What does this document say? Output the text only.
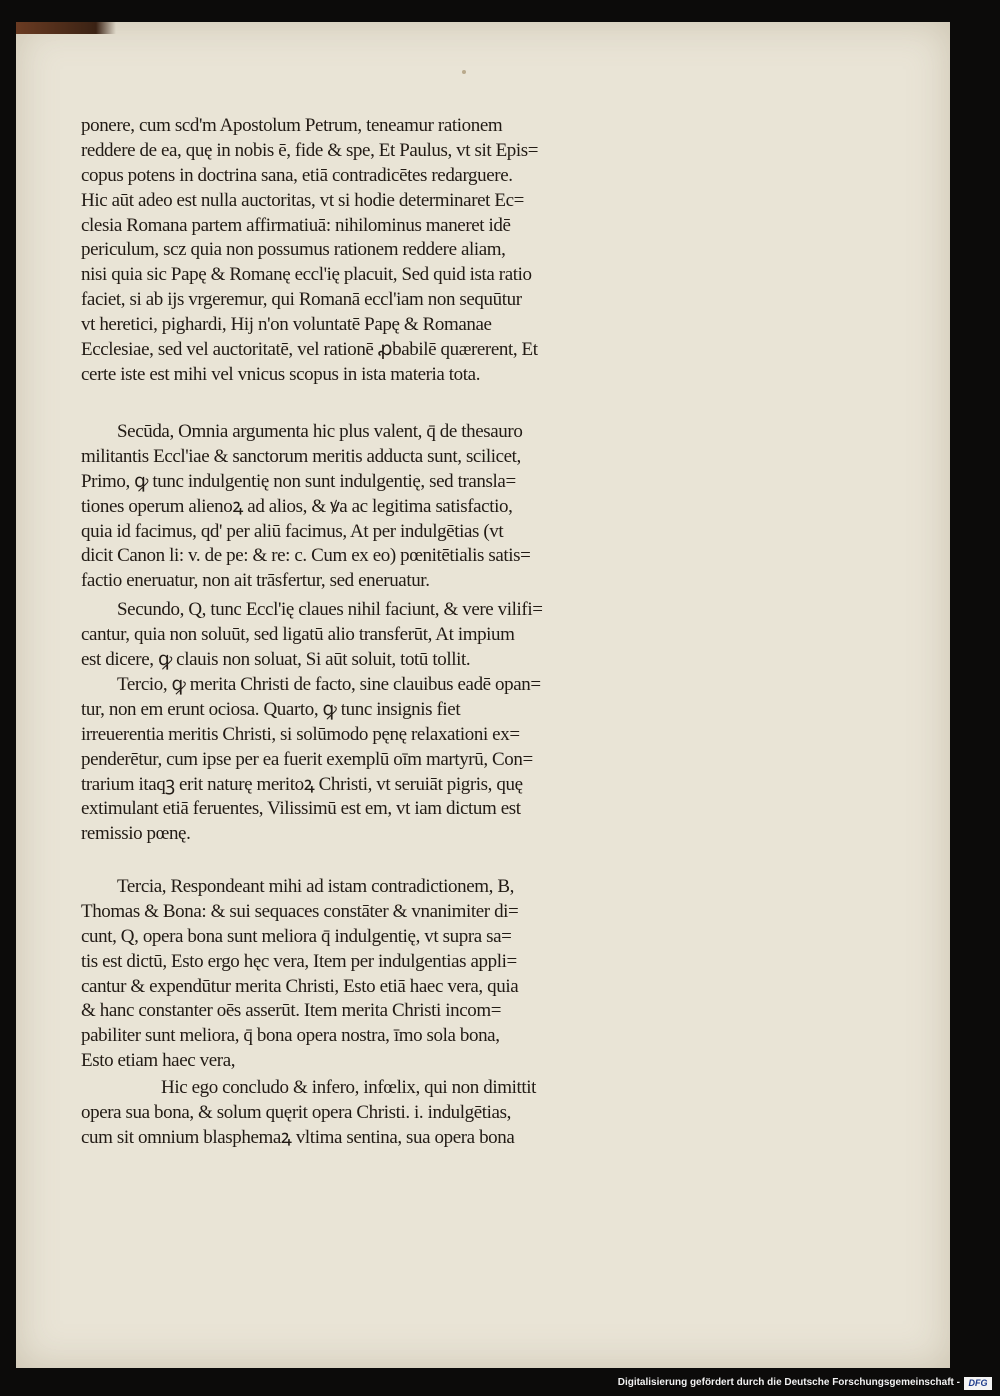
ponere, cum scd'm Apostolum Petrum, teneamur rationem

reddere de ea, quę in nobis ē, fide & spe, Et Paulus, vt sit Epis=

copus potens in doctrina sana, etiā contradicētes redarguere.

Hic aūt adeo est nulla auctoritas, vt si hodie determinaret Ec=

clesia Romana partem affirmatiuā: nihilominus maneret idē

periculum, scz quia non possumus rationem reddere aliam,

nisi quia sic Papę & Romanę eccl'ię placuit, Sed quid ista ratio

faciet, si ab ijs vrgeremur, qui Romanā eccl'iam non sequūtur

vt heretici, pighardi, Hij n'on voluntatē Papę & Romanae

Ecclesiae, sed vel auctoritatē, vel rationē ꝓbabilē quærerent, Et

certe iste est mihi vel vnicus scopus in ista materia tota.

Secūda, Omnia argumenta hic plus valent, q̄ de thesauro

militantis Eccl'iae & sanctorum meritis adducta sunt, scilicet,

Primo, ꝙ tunc indulgentię non sunt indulgentię, sed transla=

tiones operum alienoꝝ ad alios, & ꝟa ac legitima satisfactio,

quia id facimus, qd' per aliū facimus, At per indulgētias (vt

dicit Canon li: v. de pe: & re: c. Cum ex eo) pœnitētialis satis=

factio eneruatur, non ait trāsfertur, sed eneruatur.

Secundo, Q, tunc Eccl'ię claues nihil faciunt, & vere vilifi=

cantur, quia non soluūt, sed ligatū alio transferūt, At impium

est dicere, ꝙ clauis non soluat, Si aūt soluit, totū tollit.

Tercio, ꝙ merita Christi de facto, sine clauibus eadē opan=

tur, non em erunt ociosa. Quarto, ꝙ tunc insignis fiet

irreuerentia meritis Christi, si solūmodo pęnę relaxationi ex=

penderētur, cum ipse per ea fuerit exemplū oīm martyrū, Con=

trarium itaqꝫ erit naturę meritoꝝ Christi, vt seruiāt pigris, quę

extimulant etiā feruentes, Vilissimū est em, vt iam dictum est

remissio pœnę.

Tercia, Respondeant mihi ad istam contradictionem, B,

Thomas & Bona: & sui sequaces constāter & vnanimiter di=

cunt, Q, opera bona sunt meliora q̄ indulgentię, vt supra sa=

tis est dictū, Esto ergo hęc vera, Item per indulgentias appli=

cantur & expendūtur merita Christi, Esto etiā haec vera, quia

& hanc constanter oēs asserūt. Item merita Christi incom=

pabiliter sunt meliora, q̄ bona opera nostra, īmo sola bona,

Esto etiam haec vera,

Hic ego concludo & infero, infœlix, qui non dimittit

opera sua bona, & solum quęrit opera Christi. i. indulgētias,

cum sit omnium blasphemaꝝ vltima sentina, sua opera bona

Digitalisierung gefördert durch die Deutsche Forschungsgemeinschaft - DFG
